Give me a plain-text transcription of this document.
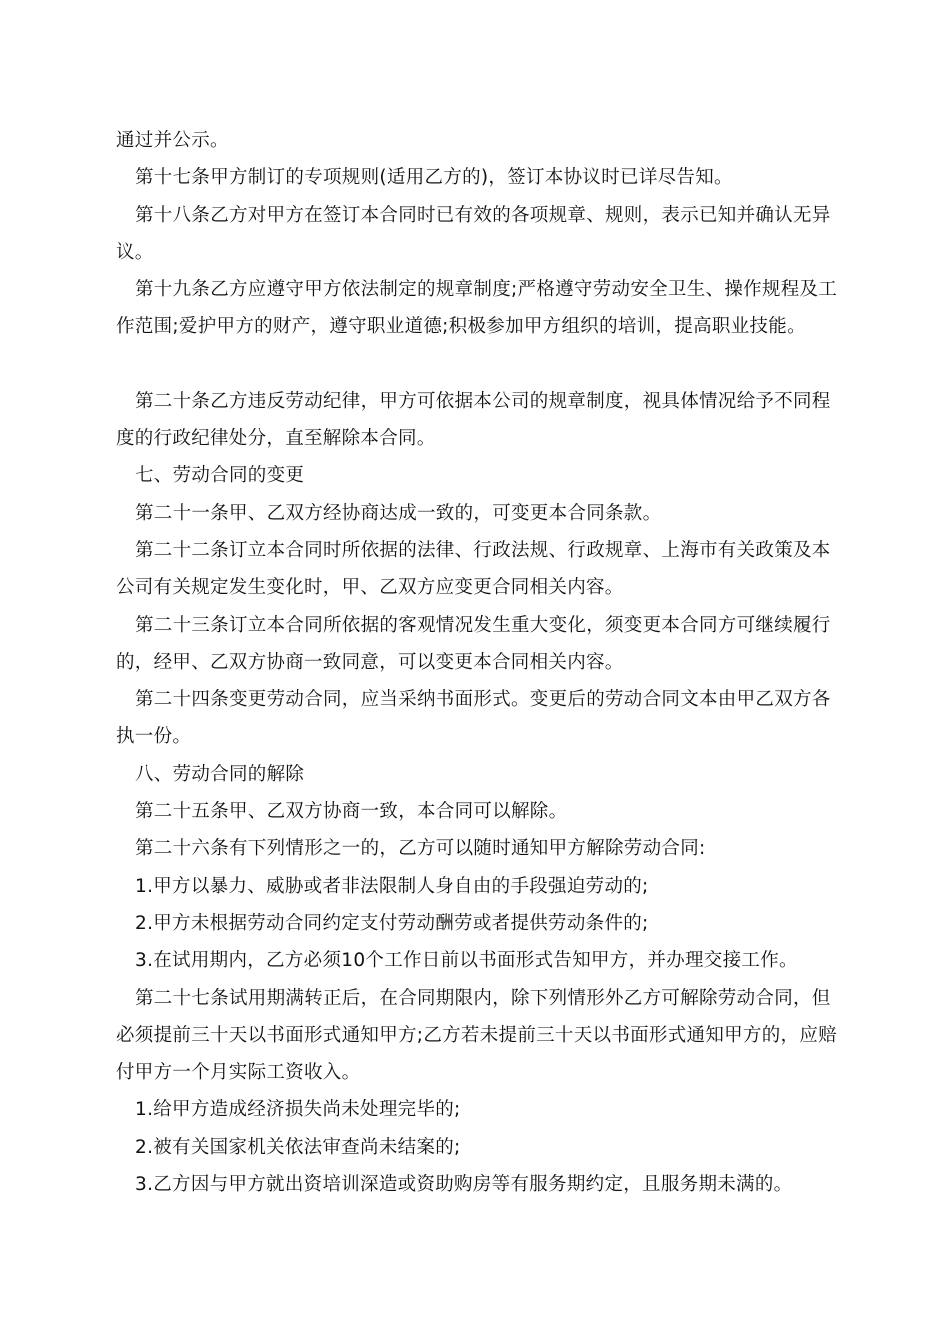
通过并公示。

第十七条甲方制订的专项规则(适用乙方的)，签订本协议时已详尽告知。

第十八条乙方对甲方在签订本合同时已有效的各项规章、规则，表示已知并确认无异议。

第十九条乙方应遵守甲方依法制定的规章制度;严格遵守劳动安全卫生、操作规程及工作范围;爱护甲方的财产，遵守职业道德;积极参加甲方组织的培训，提高职业技能。

第二十条乙方违反劳动纪律，甲方可依据本公司的规章制度，视具体情况给予不同程度的行政纪律处分，直至解除本合同。

七、劳动合同的变更

第二十一条甲、乙双方经协商达成一致的，可变更本合同条款。

第二十二条订立本合同时所依据的法律、行政法规、行政规章、上海市有关政策及本公司有关规定发生变化时，甲、乙双方应变更合同相关内容。

第二十三条订立本合同所依据的客观情况发生重大变化，须变更本合同方可继续履行的，经甲、乙双方协商一致同意，可以变更本合同相关内容。

第二十四条变更劳动合同，应当采纳书面形式。变更后的劳动合同文本由甲乙双方各执一份。

八、劳动合同的解除

第二十五条甲、乙双方协商一致，本合同可以解除。

第二十六条有下列情形之一的，乙方可以随时通知甲方解除劳动合同:

1.甲方以暴力、威胁或者非法限制人身自由的手段强迫劳动的;

2.甲方未根据劳动合同约定支付劳动酬劳或者提供劳动条件的;

3.在试用期内，乙方必须10个工作日前以书面形式告知甲方，并办理交接工作。

第二十七条试用期满转正后，在合同期限内，除下列情形外乙方可解除劳动合同，但必须提前三十天以书面形式通知甲方;乙方若未提前三十天以书面形式通知甲方的，应赔付甲方一个月实际工资收入。

1.给甲方造成经济损失尚未处理完毕的;

2.被有关国家机关依法审查尚未结案的;

3.乙方因与甲方就出资培训深造或资助购房等有服务期约定，且服务期未满的。
